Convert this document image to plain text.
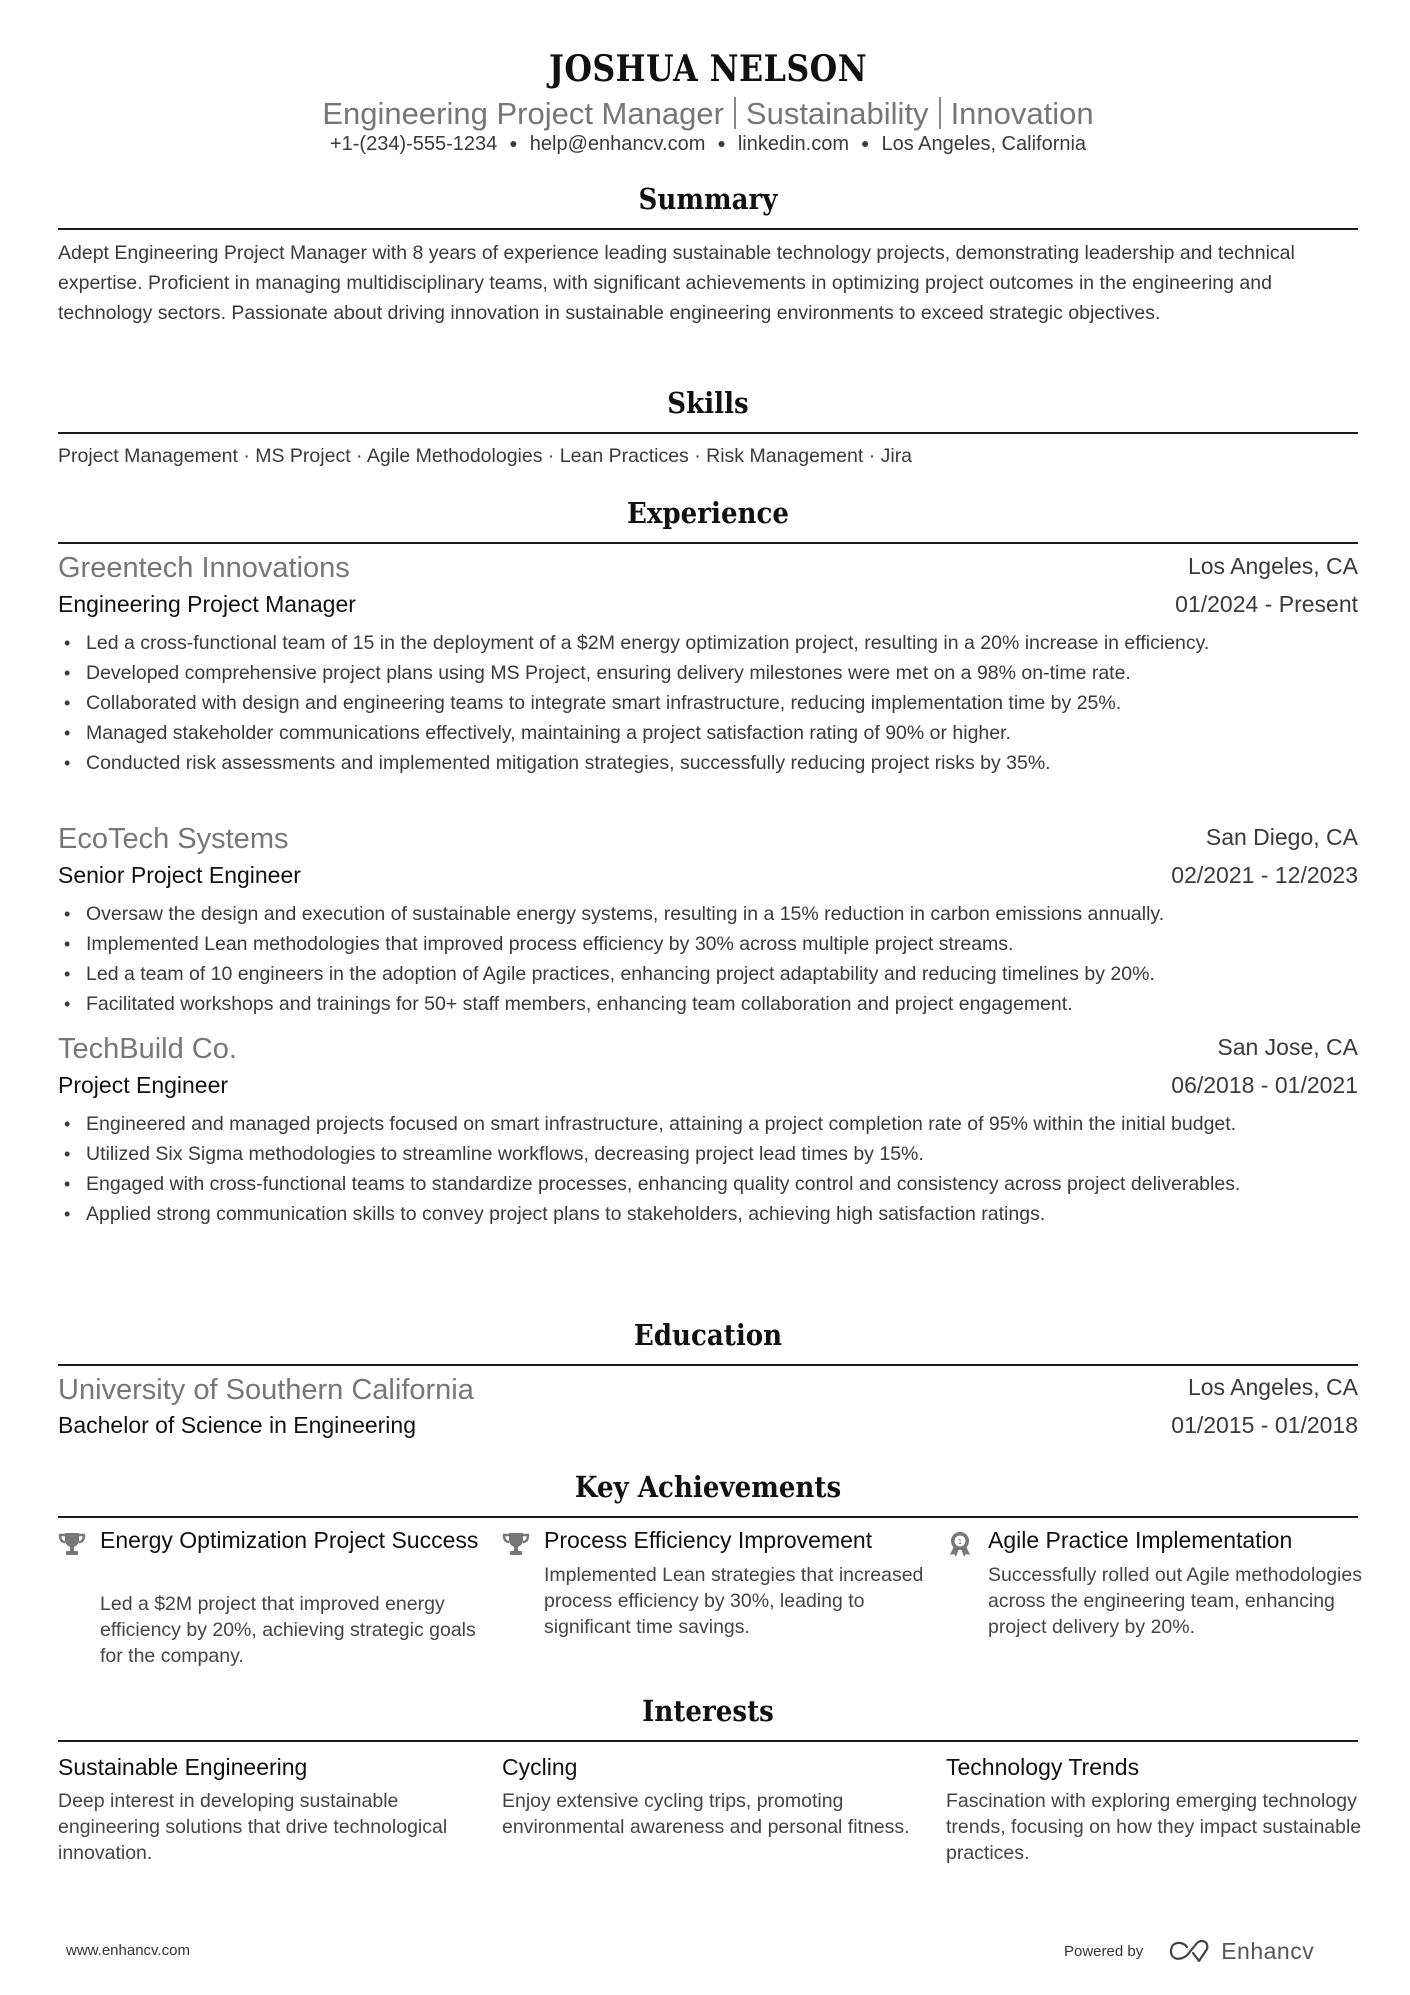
JOSHUA NELSON
Engineering Project Manager Sustainability Innovation
+1-(234)-555-1234 ● help@enhancv.com ● linkedin.com ● Los Angeles, California
Summary
Adept Engineering Project Manager with 8 years of experience leading sustainable technology projects, demonstrating leadership and technical expertise. Proficient in managing multidisciplinary teams, with significant achievements in optimizing project outcomes in the engineering and technology sectors. Passionate about driving innovation in sustainable engineering environments to exceed strategic objectives.
Skills
Project Management · MS Project · Agile Methodologies · Lean Practices · Risk Management · Jira
Experience
Greentech Innovations	Los Angeles, CA
Engineering Project Manager	01/2024 - Present
• Led a cross-functional team of 15 in the deployment of a $2M energy optimization project, resulting in a 20% increase in efficiency.
• Developed comprehensive project plans using MS Project, ensuring delivery milestones were met on a 98% on-time rate.
• Collaborated with design and engineering teams to integrate smart infrastructure, reducing implementation time by 25%.
• Managed stakeholder communications effectively, maintaining a project satisfaction rating of 90% or higher.
• Conducted risk assessments and implemented mitigation strategies, successfully reducing project risks by 35%.
EcoTech Systems	San Diego, CA
Senior Project Engineer	02/2021 - 12/2023
• Oversaw the design and execution of sustainable energy systems, resulting in a 15% reduction in carbon emissions annually.
• Implemented Lean methodologies that improved process efficiency by 30% across multiple project streams.
• Led a team of 10 engineers in the adoption of Agile practices, enhancing project adaptability and reducing timelines by 20%.
• Facilitated workshops and trainings for 50+ staff members, enhancing team collaboration and project engagement.
TechBuild Co.	San Jose, CA
Project Engineer	06/2018 - 01/2021
• Engineered and managed projects focused on smart infrastructure, attaining a project completion rate of 95% within the initial budget.
• Utilized Six Sigma methodologies to streamline workflows, decreasing project lead times by 15%.
• Engaged with cross-functional teams to standardize processes, enhancing quality control and consistency across project deliverables.
• Applied strong communication skills to convey project plans to stakeholders, achieving high satisfaction ratings.
Education
University of Southern California	Los Angeles, CA
Bachelor of Science in Engineering	01/2015 - 01/2018
Key Achievements
Energy Optimization Project Success
Led a $2M project that improved energy efficiency by 20%, achieving strategic goals for the company.
Process Efficiency Improvement
Implemented Lean strategies that increased process efficiency by 30%, leading to significant time savings.
1 Agile Practice Implementation
Successfully rolled out Agile methodologies across the engineering team, enhancing project delivery by 20%.
Interests
Sustainable Engineering
Deep interest in developing sustainable engineering solutions that drive technological innovation.
Cycling
Enjoy extensive cycling trips, promoting environmental awareness and personal fitness.
Technology Trends
Fascination with exploring emerging technology trends, focusing on how they impact sustainable practices.
www.enhancv.com	Powered by	Enhancv
